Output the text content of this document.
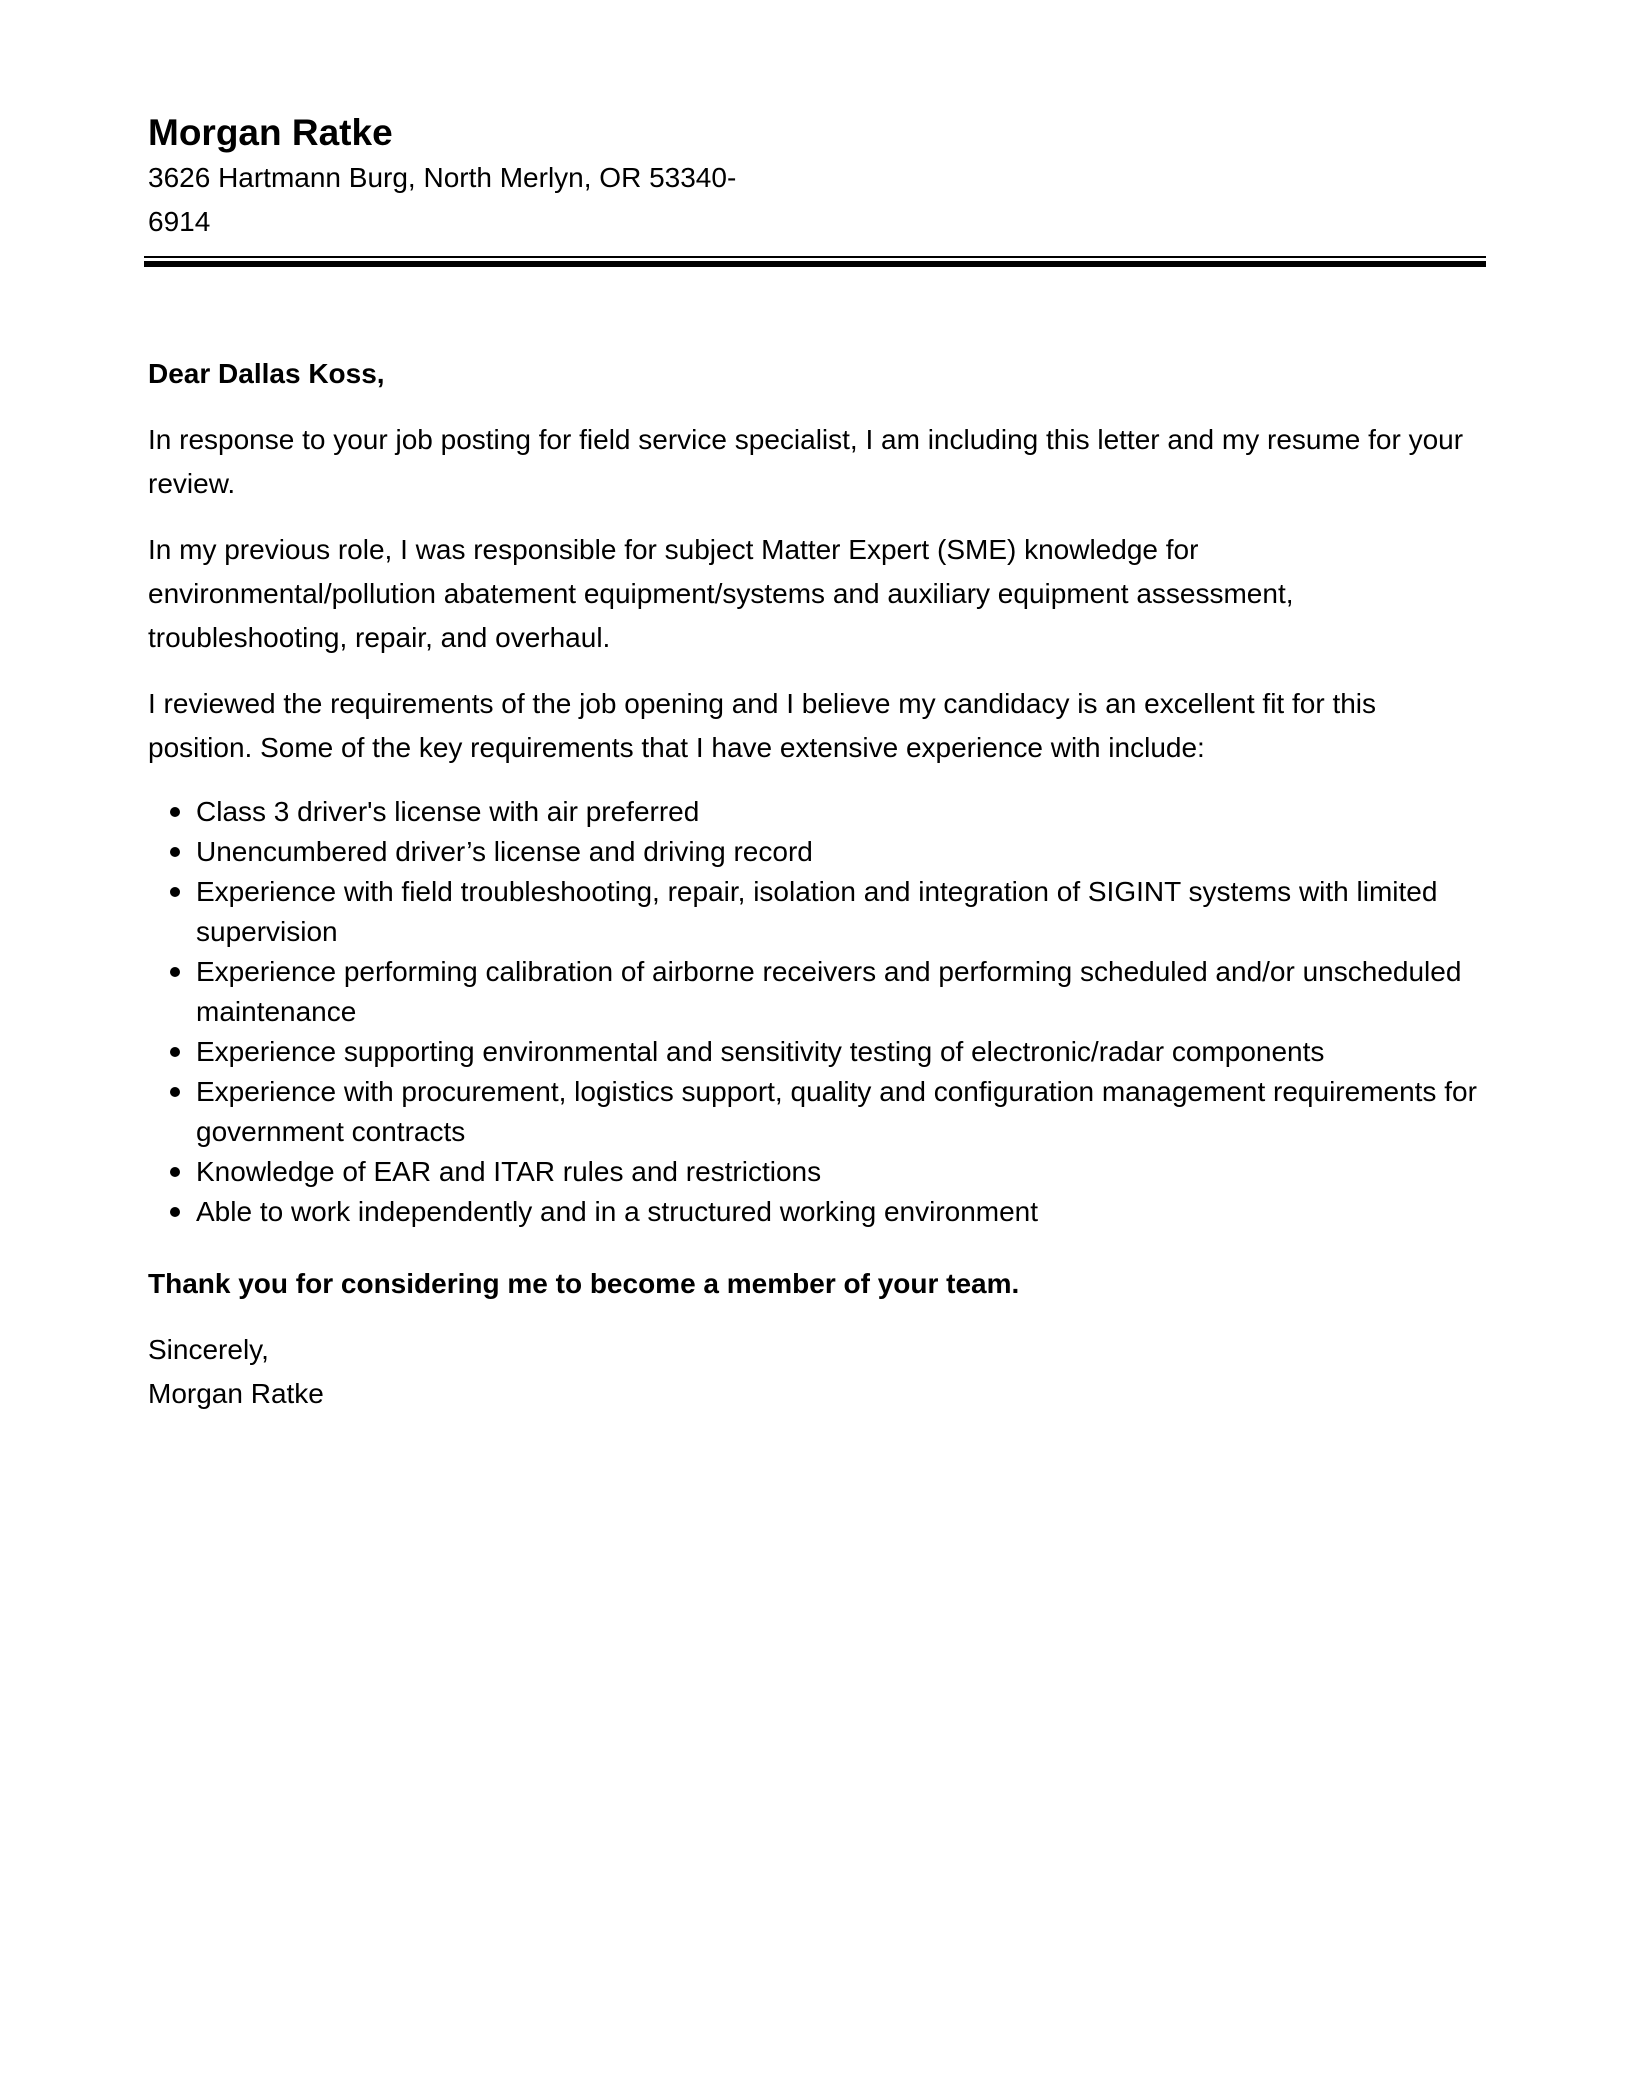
Morgan Ratke

3626 Hartmann Burg, North Merlyn, OR 53340-6914

Dear Dallas Koss,

In response to your job posting for field service specialist, I am including this letter and my resume for your review.

In my previous role, I was responsible for subject Matter Expert (SME) knowledge for environmental/pollution abatement equipment/systems and auxiliary equipment assessment, troubleshooting, repair, and overhaul.

I reviewed the requirements of the job opening and I believe my candidacy is an excellent fit for this position. Some of the key requirements that I have extensive experience with include:

Class 3 driver's license with air preferred
Unencumbered driver’s license and driving record
Experience with field troubleshooting, repair, isolation and integration of SIGINT systems with limited supervision
Experience performing calibration of airborne receivers and performing scheduled and/or unscheduled maintenance
Experience supporting environmental and sensitivity testing of electronic/radar components
Experience with procurement, logistics support, quality and configuration management requirements for government contracts
Knowledge of EAR and ITAR rules and restrictions
Able to work independently and in a structured working environment

Thank you for considering me to become a member of your team.

Sincerely,

Morgan Ratke
